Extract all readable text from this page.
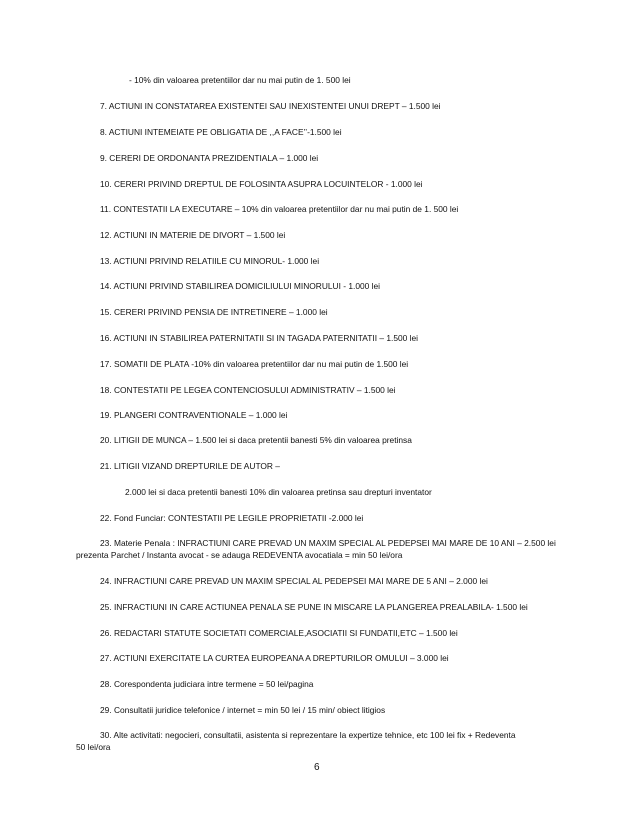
- 10% din valoarea pretentiilor dar nu mai putin de 1. 500 lei
7. ACTIUNI IN CONSTATAREA EXISTENTEI SAU INEXISTENTEI UNUI DREPT – 1.500 lei
8. ACTIUNI INTEMEIATE PE OBLIGATIA DE ,,A FACE’’-1.500 lei
9. CERERI DE ORDONANTA PREZIDENTIALA – 1.000 lei
10. CERERI PRIVIND DREPTUL DE FOLOSINTA ASUPRA LOCUINTELOR - 1.000 lei
11. CONTESTATII LA EXECUTARE – 10% din valoarea pretentiilor dar nu mai putin de 1. 500 lei
12. ACTIUNI IN MATERIE DE DIVORT – 1.500 lei
13. ACTIUNI PRIVIND RELATIILE CU MINORUL- 1.000 lei
14. ACTIUNI PRIVIND STABILIREA DOMICILIULUI MINORULUI - 1.000 lei
15. CERERI PRIVIND PENSIA DE INTRETINERE – 1.000 lei
16. ACTIUNI IN STABILIREA PATERNITATII SI IN TAGADA PATERNITATII – 1.500 lei
17. SOMATII DE PLATA -10% din valoarea pretentiilor dar nu mai putin de 1.500 lei
18. CONTESTATII PE LEGEA CONTENCIOSULUI ADMINISTRATIV – 1.500 lei
19. PLANGERI CONTRAVENTIONALE – 1.000 lei
20. LITIGII DE MUNCA – 1.500 lei si daca pretentii banesti 5% din valoarea pretinsa
21. LITIGII VIZAND DREPTURILE DE AUTOR –
2.000 lei si daca pretentii banesti 10% din valoarea pretinsa sau drepturi inventator
22. Fond Funciar: CONTESTATII PE LEGILE PROPRIETATII -2.000 lei
23. Materie Penala : INFRACTIUNI CARE PREVAD UN MAXIM SPECIAL AL PEDEPSEI MAI MARE DE 10 ANI – 2.500 lei
prezenta Parchet / Instanta avocat - se adauga REDEVENTA avocatiala = min 50 lei/ora
24. INFRACTIUNI CARE PREVAD UN MAXIM SPECIAL AL PEDEPSEI MAI MARE DE 5 ANI – 2.000 lei
25. INFRACTIUNI IN CARE ACTIUNEA PENALA SE PUNE IN MISCARE LA PLANGEREA PREALABILA- 1.500 lei
26. REDACTARI STATUTE SOCIETATI COMERCIALE,ASOCIATII SI FUNDATII,ETC – 1.500 lei
27. ACTIUNI EXERCITATE LA CURTEA EUROPEANA A DREPTURILOR OMULUI – 3.000 lei
28. Corespondenta judiciara intre termene = 50 lei/pagina
29. Consultatii juridice telefonice / internet = min 50 lei / 15 min/ obiect litigios
30. Alte activitati: negocieri, consultatii, asistenta si reprezentare la expertize tehnice, etc 100 lei fix + Redeventa
50 lei/ora
6
